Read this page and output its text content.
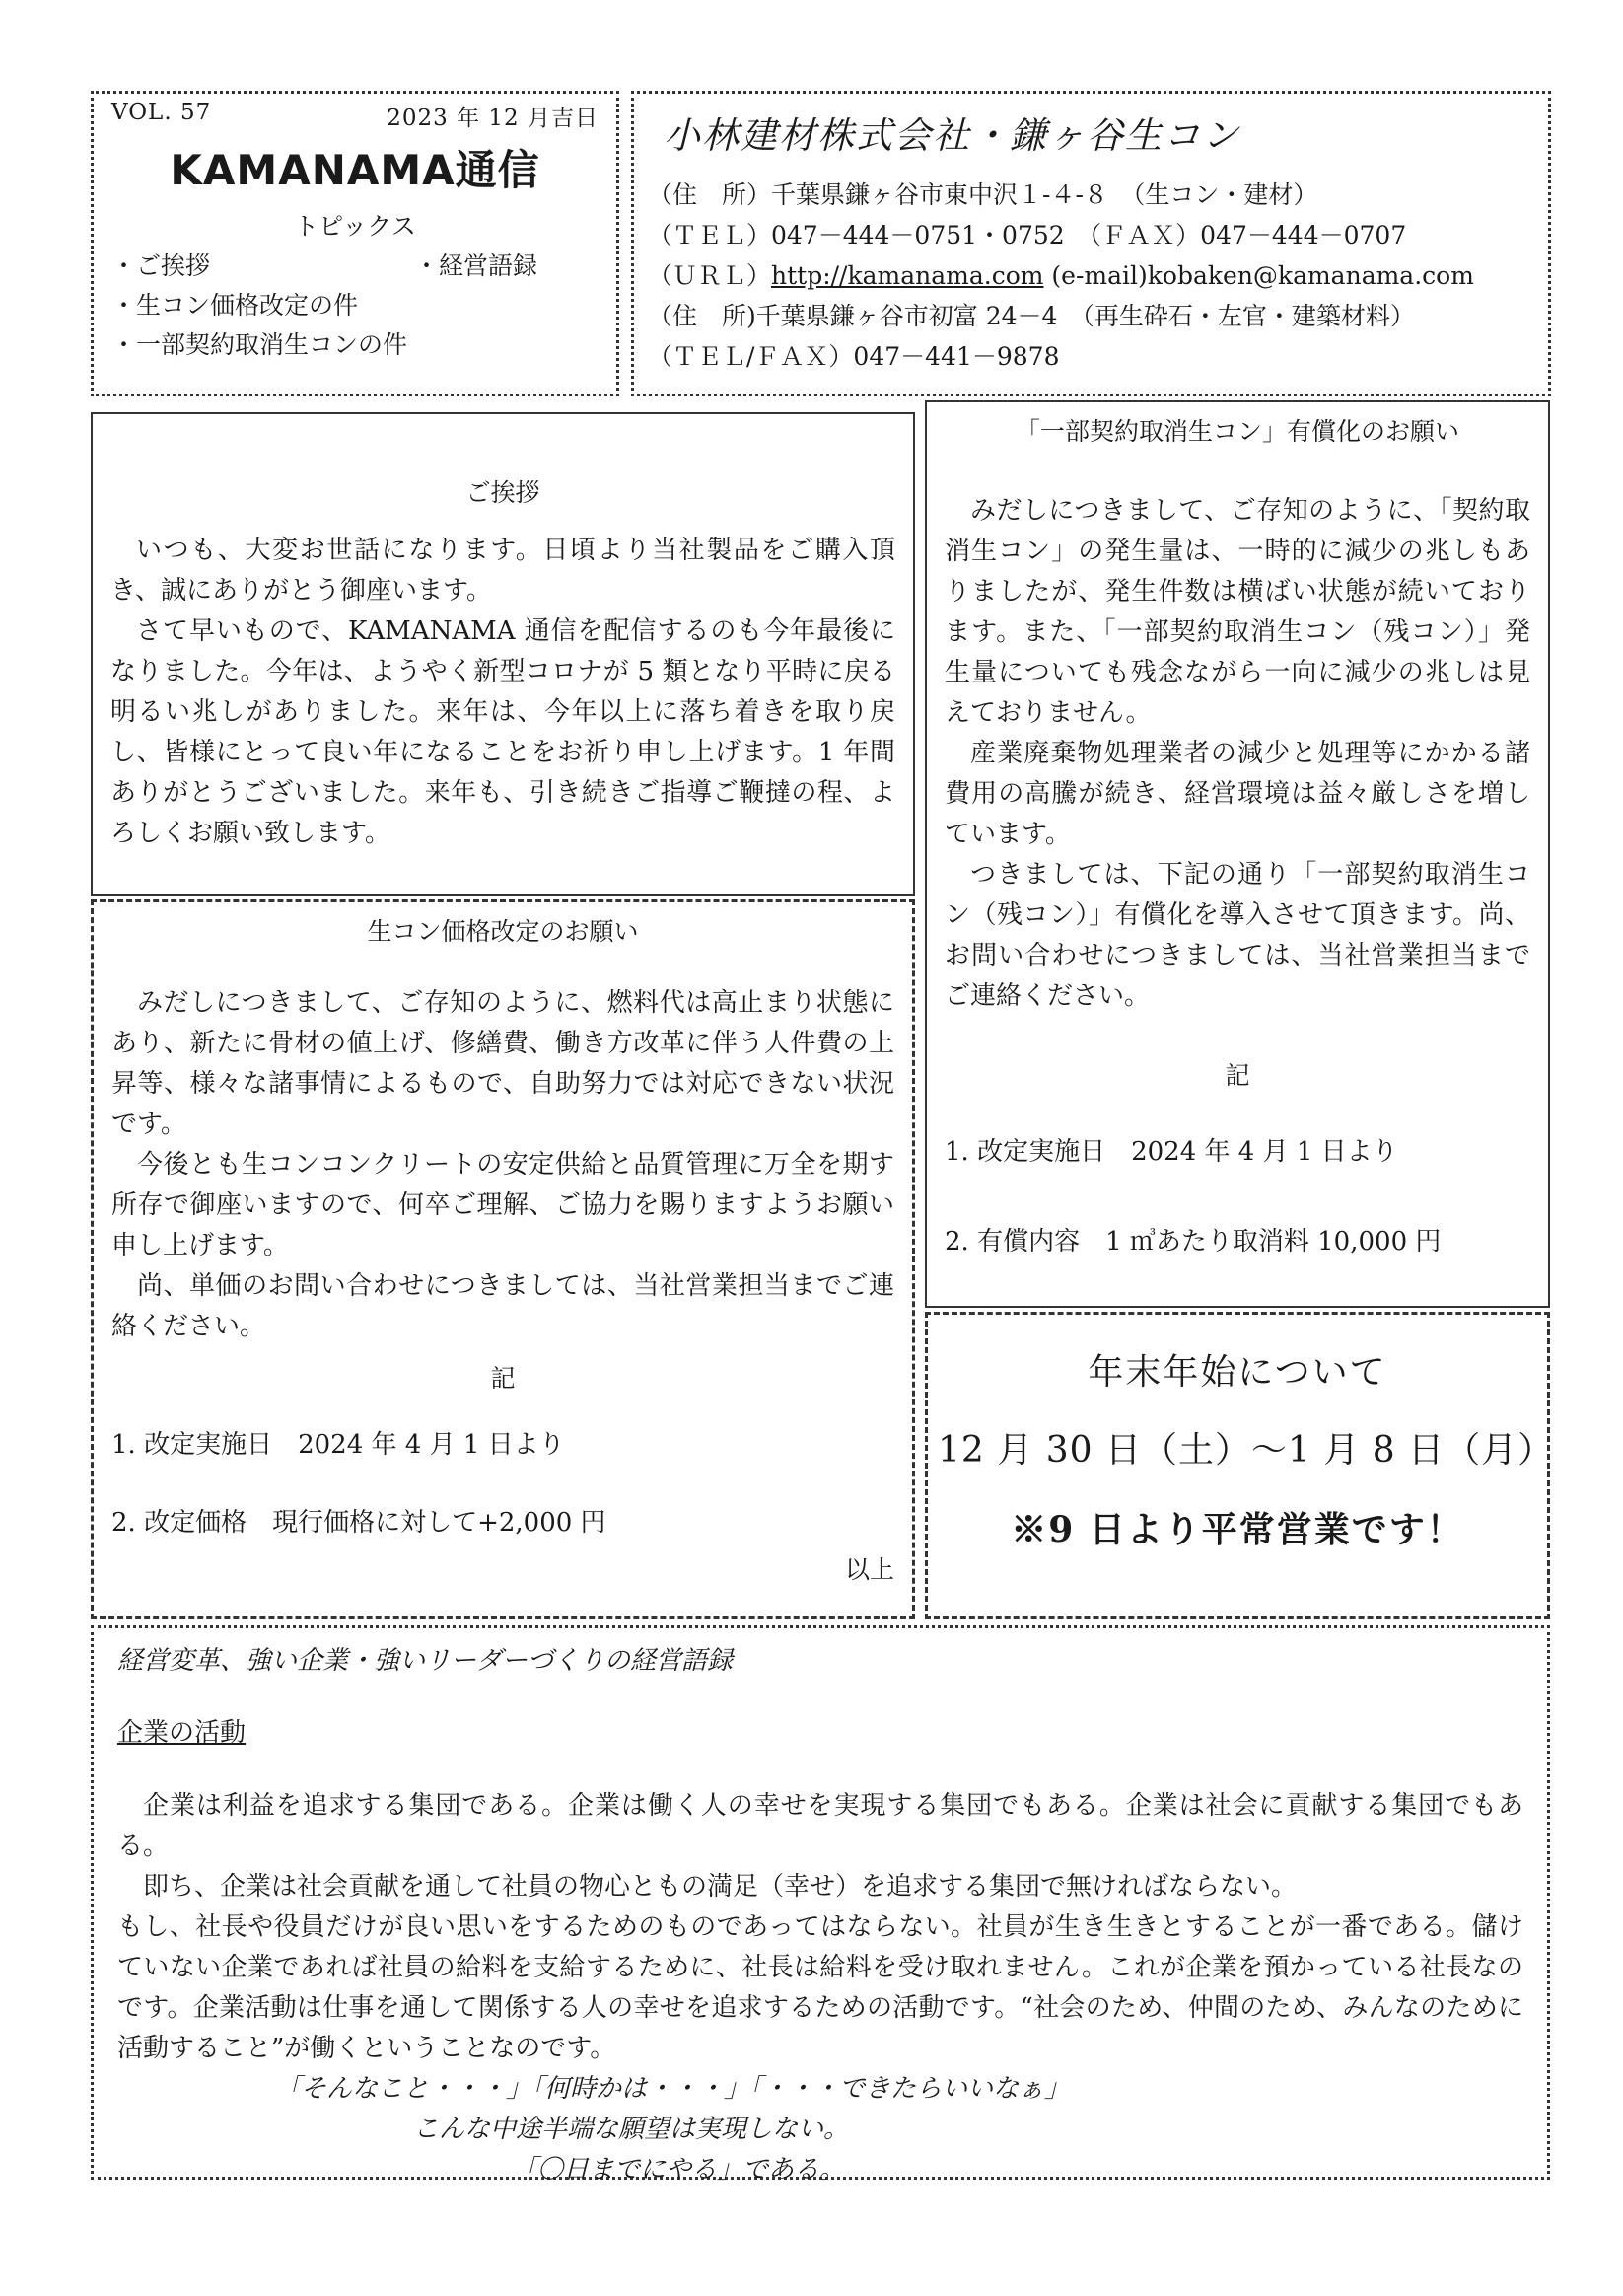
VOL. 57	2023 年 12 月吉日
KAMANAMA通信
トピックス
・ご挨拶	・経営語録
・生コン価格改定の件
・一部契約取消生コンの件
小林建材株式会社・鎌ヶ谷生コン
（住　所）千葉県鎌ヶ谷市東中沢１-４-８　（生コン・建材）
（ＴＥＬ）047－444－0751・0752　（ＦＡＸ）047－444－0707
（ＵＲＬ）http://kamanama.com (e-mail)kobaken@kamanama.com
（住　所)千葉県鎌ヶ谷市初富 24－4　（再生砕石・左官・建築材料）
（ＴＥＬ/ＦＡＸ）047－441－9878
ご挨拶

いつも、大変お世話になります。日頃より当社製品をご購入頂き、誠にありがとう御座います。

さて早いもので、KAMANAMA 通信を配信するのも今年最後になりました。今年は、ようやく新型コロナが 5 類となり平時に戻る明るい兆しがありました。来年は、今年以上に落ち着きを取り戻し、皆様にとって良い年になることをお祈り申し上げます。1 年間ありがとうございました。来年も、引き続きご指導ご鞭撻の程、よろしくお願い致します。

生コン価格改定のお願い

みだしにつきまして、ご存知のように、燃料代は高止まり状態にあり、新たに骨材の値上げ、修繕費、働き方改革に伴う人件費の上昇等、様々な諸事情によるもので、自助努力では対応できない状況です。

今後とも生コンコンクリートの安定供給と品質管理に万全を期す所存で御座いますので、何卒ご理解、ご協力を賜りますようお願い申し上げます。

尚、単価のお問い合わせにつきましては、当社営業担当までご連絡ください。

記
1. 改定実施日　2024 年 4 月 1 日より
2. 改定価格　現行価格に対して+2,000 円
以上
「一部契約取消生コン」有償化のお願い

みだしにつきまして、ご存知のように、「契約取消生コン」の発生量は、一時的に減少の兆しもありましたが、発生件数は横ばい状態が続いております。また、「一部契約取消生コン（残コン）」発生量についても残念ながら一向に減少の兆しは見えておりません。

産業廃棄物処理業者の減少と処理等にかかる諸費用の高騰が続き、経営環境は益々厳しさを増しています。

つきましては、下記の通り「一部契約取消生コン（残コン）」有償化を導入させて頂きます。尚、お問い合わせにつきましては、当社営業担当までご連絡ください。

記
1. 改定実施日　2024 年 4 月 1 日より
2. 有償内容　1 ㎥あたり取消料 10,000 円
年末年始について
12 月 30 日（土）～1 月 8 日（月）
※9 日より平常営業です！
経営変革、強い企業・強いリーダーづくりの経営語録
企業の活動

企業は利益を追求する集団である。企業は働く人の幸せを実現する集団でもある。企業は社会に貢献する集団でもある。

即ち、企業は社会貢献を通して社員の物心ともの満足（幸せ）を追求する集団で無ければならない。

もし、社長や役員だけが良い思いをするためのものであってはならない。社員が生き生きとすることが一番である。儲けていない企業であれば社員の給料を支給するために、社長は給料を受け取れません。これが企業を預かっている社長なのです。企業活動は仕事を通して関係する人の幸せを追求するための活動です。“社会のため、仲間のため、みんなのために活動すること”が働くということなのです。

「そんなこと・・・」「何時かは・・・」「・・・できたらいいなぁ」
こんな中途半端な願望は実現しない。
「〇日までにやる」である。
